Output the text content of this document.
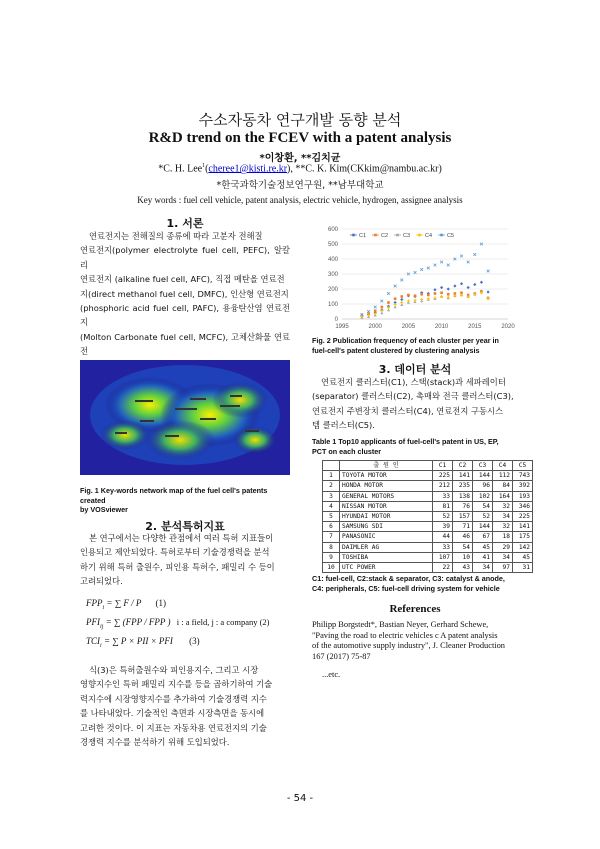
수소자동차 연구개발 동향 분석
R&D trend on the FCEV with a patent analysis
*이창환, **김치균
*C. H. Lee$^1$(cheree1@kisti.re.kr), **C. K. Kim(CKkim@nambu.ac.kr)
*한국과학기술정보연구원, **남부대학교
Key words : fuel cell vehicle, patent analysis, electric vehicle, hydrogen, assignee analysis
1. 서론
연료전지는 전해질의 종류에 따라 고분자 전해질
연료전지(polymer electrolyte fuel cell, PEFC), 알칼리
연료전지 (alkaline fuel cell, AFC), 직접 메탄올 연료전
지(direct methanol fuel cell, DMFC), 인산형 연료전지
(phosphoric acid fuel cell, PAFC), 용융탄산염 연료전지
(Molton Carbonate fuel cell, MCFC), 고체산화물 연료전
Fig. 1 Key-words network map of the fuel cell's patents created
by VOSviewer
2. 분석특허지표
본 연구에서는 다양한 관점에서 여러 특허 지표들이
인용되고 제안되었다. 특허로부터 기술경쟁력을 분석
하기 위해 특허 출원수, 피인용 특허수, 패밀리 수 등이
고려되었다.
$FPP_i$ = ∑ F / P (1)
$PFI_{ij}$ = ∑ (FPP / FPP ) i : a field, j : a company (2)
$TCI_i$ = ∑ P × PII × PFI (3)
식(3)은 특허출원수와 피인용지수, 그리고 시장
영향지수인 특허 패밀리 지수를 등을 곱하기하여 기술
력지수에 시장영향지수를 추가하여 기술경쟁력 지수
를 나타내었다. 기술적인 측면과 시장측면을 동시에
고려한 것이다. 이 지표는 자동차용 연료전지의 기술
경쟁력 지수를 분석하기 위해 도입되었다.
0
100
200
300
400
500
600
1995	2000	2005	2010	2015	2020
C1	C2	C3	C4	C5
Fig. 2 Publication frequency of each cluster per year in
fuel-cell's patent clustered by clustering analysis
3. 데이터 분석
연료전지 클러스터(C1), 스택(stack)과 세파레이터
(separator) 클러스터(C2), 촉매와 전극 클러스터(C3),
연료전지 주변장치 클러스터(C4), 연료전지 구동시스
템 클러스터(C5).
Table 1 Top10 applicants of fuel-cell's patent in US, EP,
PCT on each cluster
	출 원 인	C1	C2	C3	C4	C5
1	TOYOTA MOTOR	225	141	144	112	743
2	HONDA MOTOR	212	235	96	84	392
3	GENERAL MOTORS	33	138	102	164	193
4	NISSAN MOTOR	81	76	54	32	346
5	HYUNDAI MOTOR	52	157	52	34	225
6	SAMSUNG SDI	39	71	144	32	141
7	PANASONIC	44	46	67	18	175
8	DAIMLER AG	33	54	45	29	142
9	TOSHIBA	107	10	41	34	45
10	UTC POWER	22	43	34	97	31
C1: fuel-cell, C2:stack & separator, C3: catalyst & anode,
C4: peripherals, C5: fuel-cell driving system for vehicle
References
Philipp Borgstedt*, Bastian Neyer, Gerhard Schewe,
"Paving the road to electric vehicles c A patent analysis
of the automotive supply industry", J. Cleaner Production
167 (2017) 75-87
...etc.
- 54 -
